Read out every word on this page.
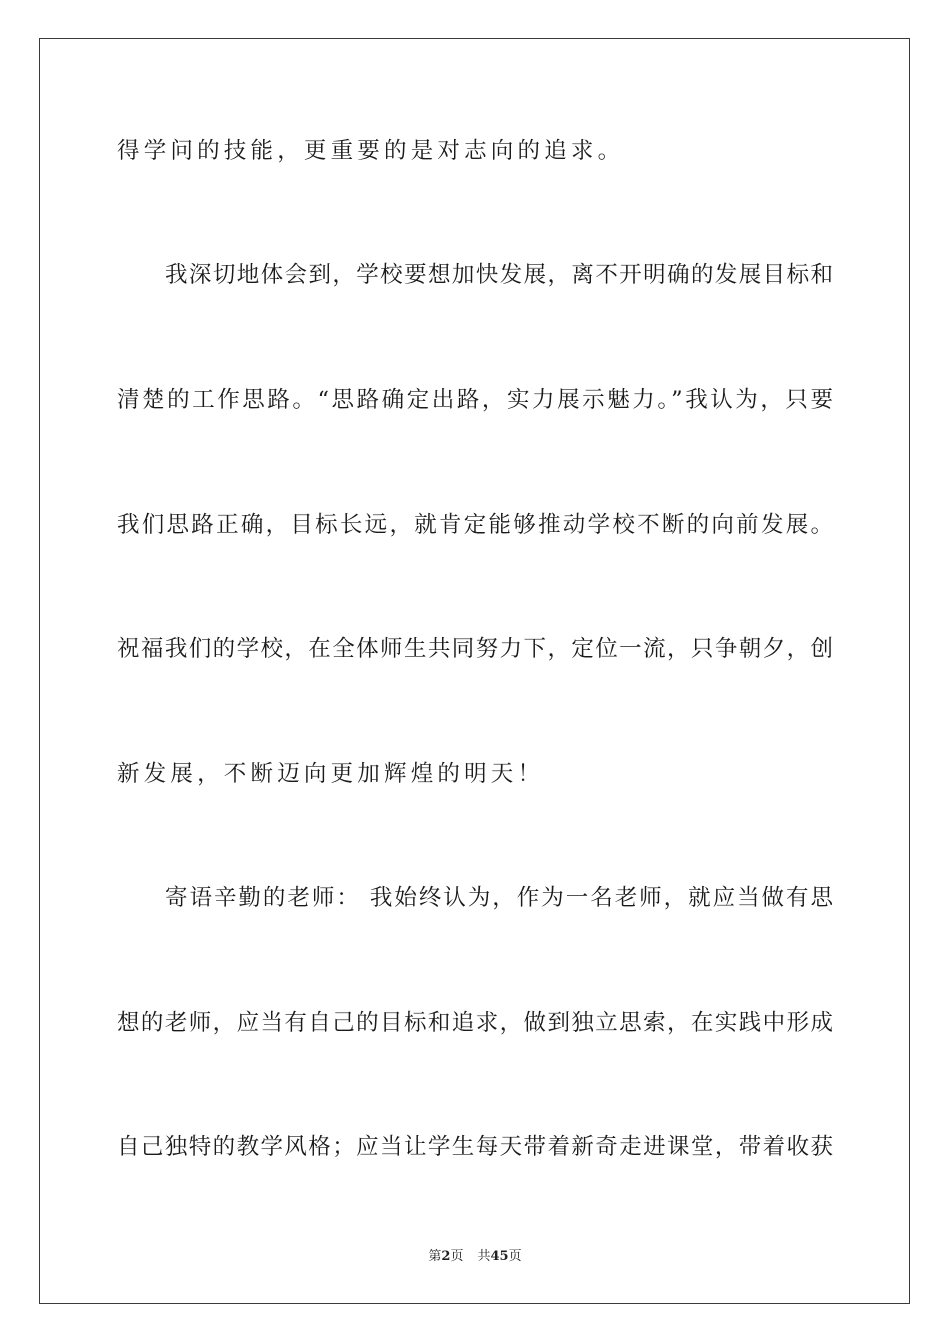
得学问的技能，更重要的是对志向的追求。
我深切地体会到，学校要想加快发展，离不开明确的发展目标和
清楚的工作思路。“思路确定出路，实力展示魅力。”我认为，只要
我们思路正确，目标长远，就肯定能够推动学校不断的向前发展。
祝福我们的学校，在全体师生共同努力下，定位一流，只争朝夕，创
新发展，不断迈向更加辉煌的明天！
寄语辛勤的老师： 我始终认为，作为一名老师，就应当做有思
想的老师，应当有自己的目标和追求，做到独立思索，在实践中形成
自己独特的教学风格；应当让学生每天带着新奇走进课堂，带着收获
第2页 共45页
